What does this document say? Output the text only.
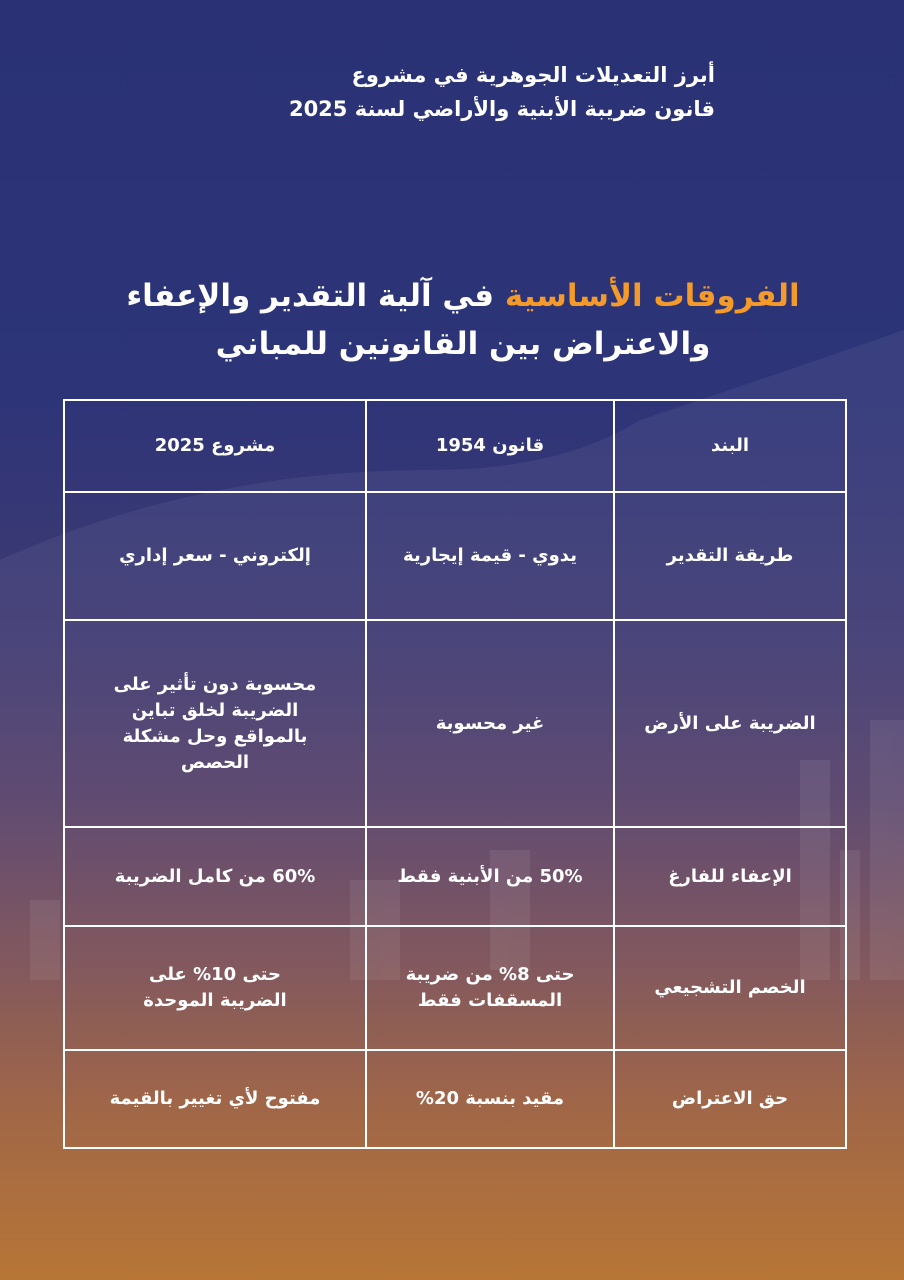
أبرز التعديلات الجوهرية في مشروع
قانون ضريبة الأبنية والأراضي لسنة 2025
الفروقات الأساسية في آلية التقدير والإعفاء
والاعتراض بين القانونين للمباني
البند	قانون 1954	مشروع 2025
طريقة التقدير	يدوي - قيمة إيجارية	إلكتروني - سعر إداري
الضريبة على الأرض	غير محسوبة	محسوبة دون تأثير على الضريبة لخلق تباين بالمواقع وحل مشكلة الحصص
الإعفاء للفارغ	50% من الأبنية فقط	60% من كامل الضريبة
الخصم التشجيعي	حتى 8% من ضريبة المسقفات فقط	حتى 10% على الضريبة الموحدة
حق الاعتراض	مقيد بنسبة 20%	مفتوح لأي تغيير بالقيمة
